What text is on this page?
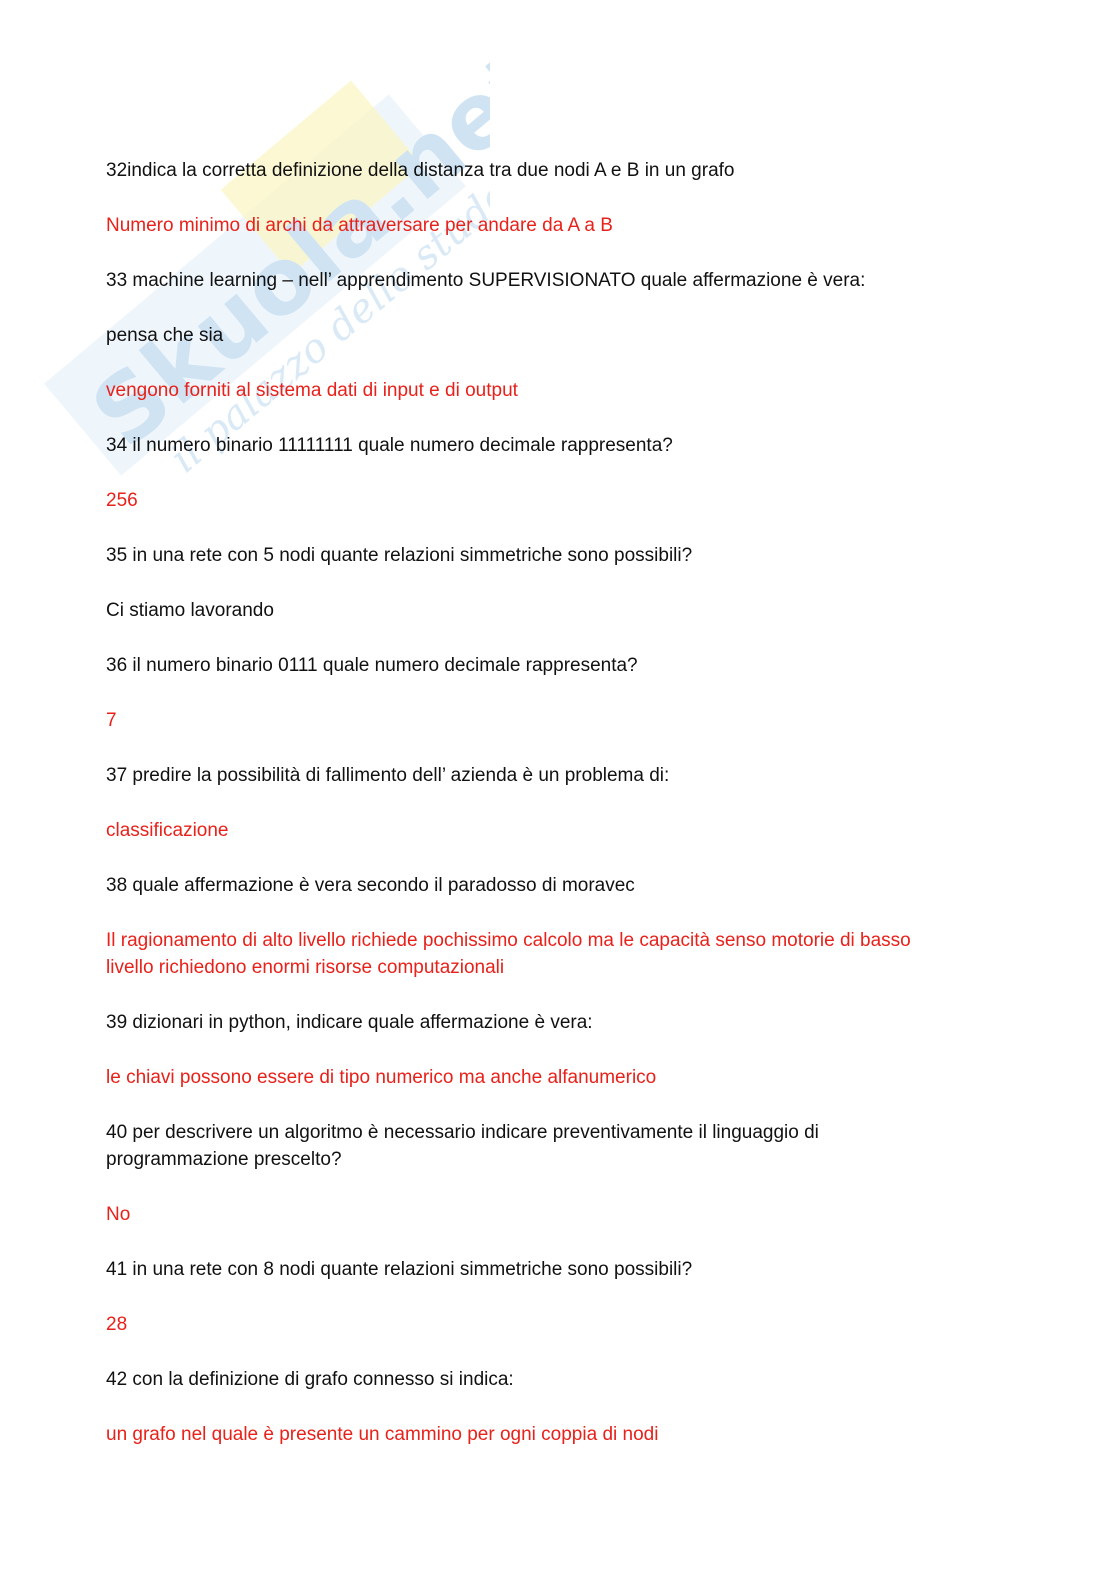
Skuola.net
il palazzo dello studente
32indica la corretta definizione della distanza tra due nodi A e B in un grafo
Numero minimo di archi da attraversare per andare da A a B
33 machine learning – nell’ apprendimento SUPERVISIONATO quale affermazione è vera:
pensa che sia
vengono forniti al sistema dati di input e di output
34 il numero binario 11111111 quale numero decimale rappresenta?
256
35 in una rete con 5 nodi quante relazioni simmetriche sono possibili?
Ci stiamo lavorando
36 il numero binario 0111 quale numero decimale rappresenta?
7
37 predire la possibilità di fallimento dell’ azienda è un problema di:
classificazione
38 quale affermazione è vera secondo il paradosso di moravec
Il ragionamento di alto livello richiede pochissimo calcolo ma le capacità senso motorie di basso
livello richiedono enormi risorse computazionali
39 dizionari in python, indicare quale affermazione è vera:
le chiavi possono essere di tipo numerico ma anche alfanumerico
40 per descrivere un algoritmo è necessario indicare preventivamente il linguaggio di
programmazione prescelto?
No
41 in una rete con 8 nodi quante relazioni simmetriche sono possibili?
28
42 con la definizione di grafo connesso si indica:
un grafo nel quale è presente un cammino per ogni coppia di nodi
